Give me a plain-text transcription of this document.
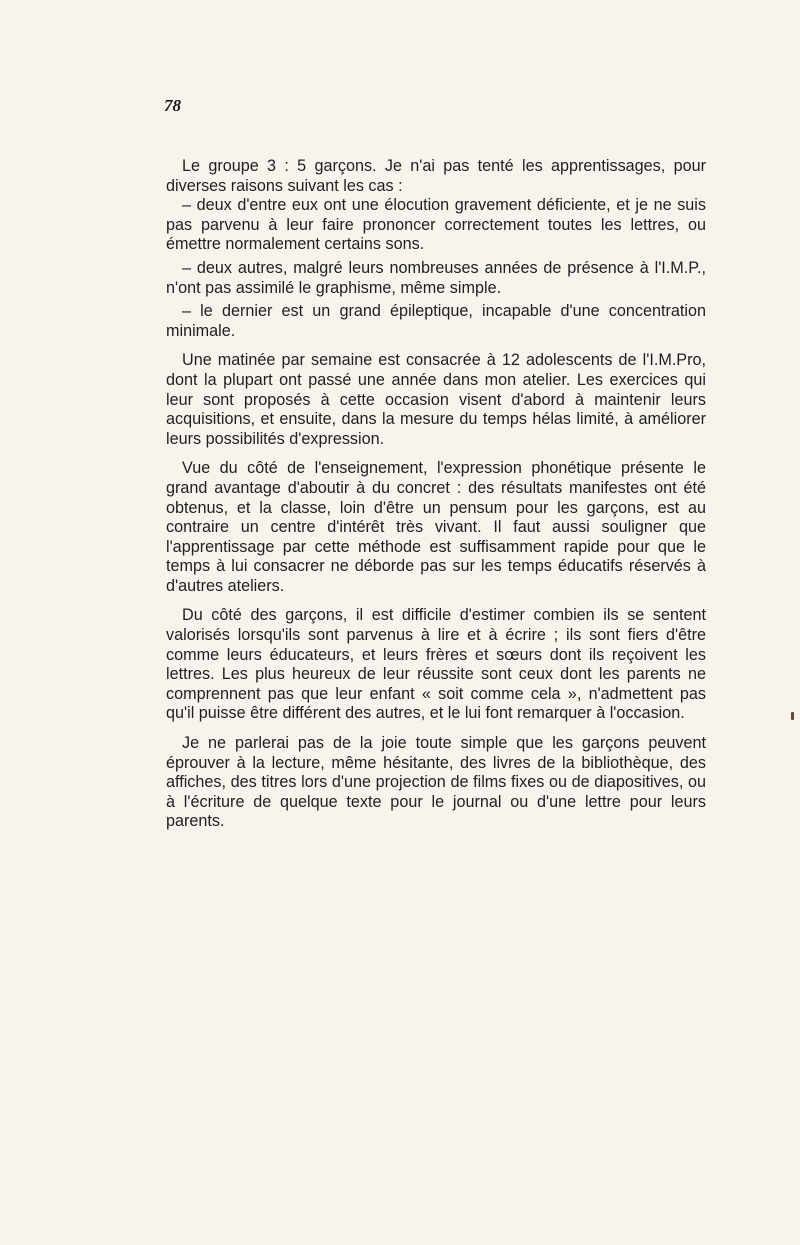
78

Le groupe 3 : 5 garçons. Je n'ai pas tenté les apprentissages, pour diverses raisons suivant les cas :

– deux d'entre eux ont une élocution gravement déficiente, et je ne suis pas parvenu à leur faire prononcer correctement toutes les lettres, ou émettre normalement certains sons.

– deux autres, malgré leurs nombreuses années de présence à l'I.M.P., n'ont pas assimilé le graphisme, même simple.

– le dernier est un grand épileptique, incapable d'une concentration minimale.

Une matinée par semaine est consacrée à 12 adolescents de l'I.M.Pro, dont la plupart ont passé une année dans mon atelier. Les exercices qui leur sont proposés à cette occasion visent d'abord à maintenir leurs acquisitions, et ensuite, dans la mesure du temps hélas limité, à améliorer leurs possibilités d'expression.

Vue du côté de l'enseignement, l'expression phonétique présente le grand avantage d'aboutir à du concret : des résultats manifestes ont été obtenus, et la classe, loin d'être un pensum pour les garçons, est au contraire un centre d'intérêt très vivant. Il faut aussi souligner que l'apprentissage par cette méthode est suffisamment rapide pour que le temps à lui consacrer ne déborde pas sur les temps éducatifs réservés à d'autres ateliers.

Du côté des garçons, il est difficile d'estimer combien ils se sentent valorisés lorsqu'ils sont parvenus à lire et à écrire ; ils sont fiers d'être comme leurs éducateurs, et leurs frères et sœurs dont ils reçoivent les lettres. Les plus heureux de leur réussite sont ceux dont les parents ne comprennent pas que leur enfant « soit comme cela », n'admettent pas qu'il puisse être différent des autres, et le lui font remarquer à l'occasion.

Je ne parlerai pas de la joie toute simple que les garçons peuvent éprouver à la lecture, même hésitante, des livres de la bibliothèque, des affiches, des titres lors d'une projection de films fixes ou de diapositives, ou à l'écriture de quelque texte pour le journal ou d'une lettre pour leurs parents.
